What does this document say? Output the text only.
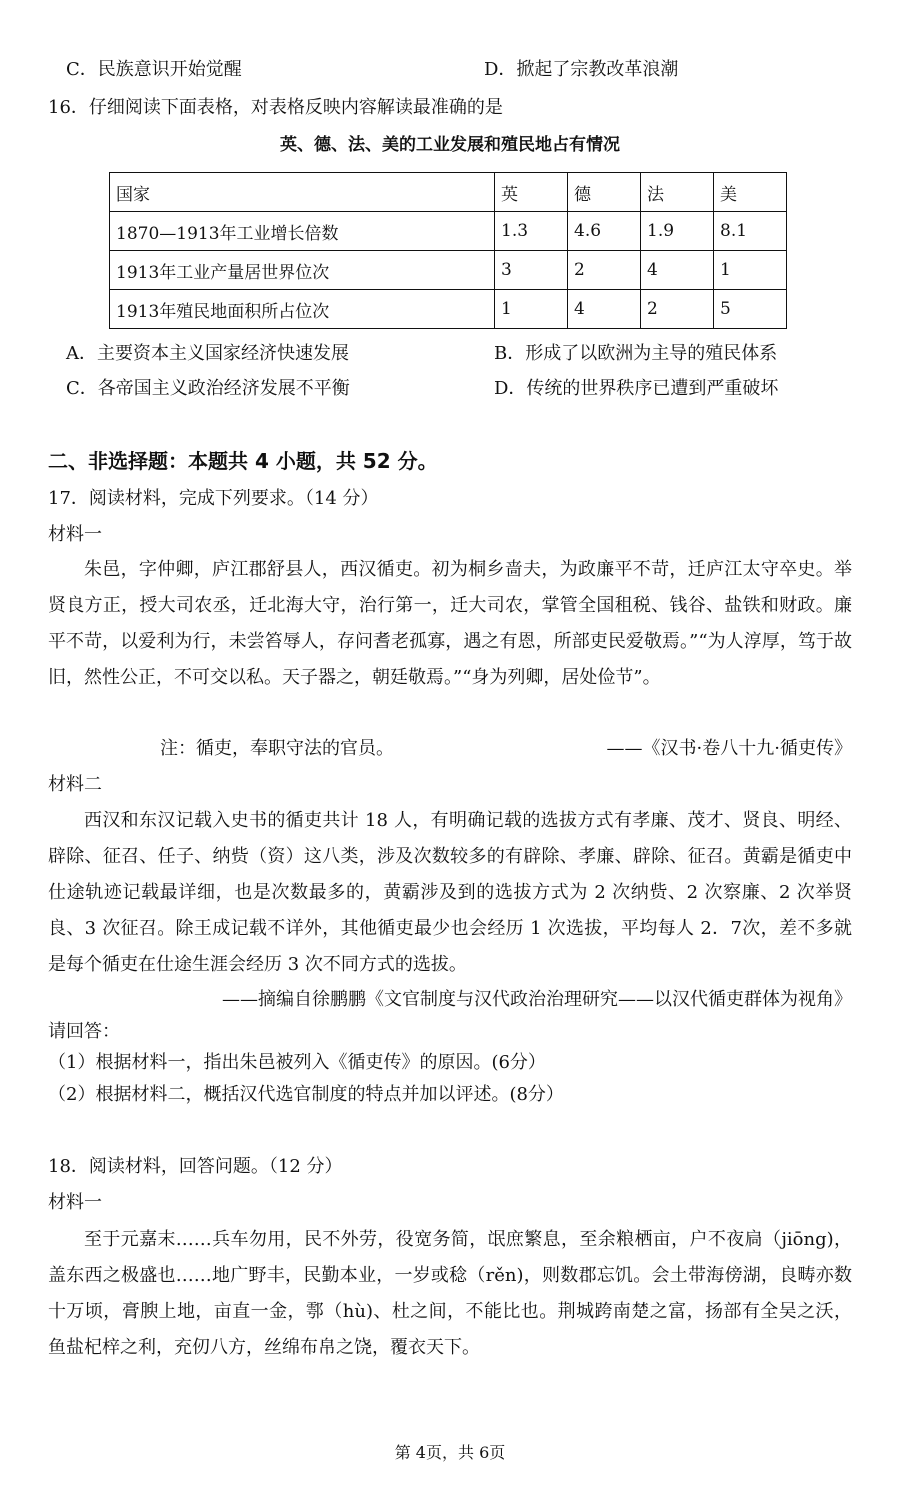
C．民族意识开始觉醒	D．掀起了宗教改革浪潮
16．仔细阅读下面表格，对表格反映内容解读最准确的是
英、德、法、美的工业发展和殖民地占有情况
国家	英	德	法	美
1870—1913年工业增长倍数	1.3	4.6	1.9	8.1
1913年工业产量居世界位次	3	2	4	1
1913年殖民地面积所占位次	1	4	2	5
A．主要资本主义国家经济快速发展	B．形成了以欧洲为主导的殖民体系
C．各帝国主义政治经济发展不平衡	D．传统的世界秩序已遭到严重破坏
二、非选择题：本题共 4 小题，共 52 分。
17．阅读材料，完成下列要求。（14 分）
材料一
朱邑，字仲卿，庐江郡舒县人，西汉循吏。初为桐乡啬夫，为政廉平不苛，迁庐江太守卒史。举贤良方正，授大司农丞，迁北海大守，治行第一，迁大司农，掌管全国租税、钱谷、盐铁和财政。廉平不苛，以爱利为行，未尝笞辱人，存问耆老孤寡，遇之有恩，所部吏民爱敬焉。”“为人淳厚，笃于故旧，然性公正，不可交以私。天子器之，朝廷敬焉。”“身为列卿，居处俭节”。
注：循吏，奉职守法的官员。	——《汉书·卷八十九·循吏传》
材料二
西汉和东汉记载入史书的循吏共计 18 人，有明确记载的选拔方式有孝廉、茂才、贤良、明经、辟除、征召、任子、纳赀（资）这八类，涉及次数较多的有辟除、孝廉、辟除、征召。黄霸是循吏中仕途轨迹记载最详细，也是次数最多的，黄霸涉及到的选拔方式为 2 次纳赀、2 次察廉、2 次举贤良、3 次征召。除王成记载不详外，其他循吏最少也会经历 1 次选拔，平均每人 2．7次，差不多就是每个循吏在仕途生涯会经历 3 次不同方式的选拔。
——摘编自徐鹏鹏《文官制度与汉代政治治理研究——以汉代循吏群体为视角》
请回答：
（1）根据材料一，指出朱邑被列入《循吏传》的原因。(6分）
（2）根据材料二，概括汉代选官制度的特点并加以评述。(8分）
18．阅读材料，回答问题。（12 分）
材料一
至于元嘉末……兵车勿用，民不外劳，役宽务简，氓庶繁息，至余粮栖亩，户不夜扃（jiōng)，盖东西之极盛也……地广野丰，民勤本业，一岁或稔（rěn)，则数郡忘饥。会土带海傍湖，良畴亦数十万顷，膏腴上地，亩直一金，鄠（hù)、杜之间，不能比也。荆城跨南楚之富，扬部有全吴之沃，鱼盐杞梓之利，充仞八方，丝绵布帛之饶，覆衣天下。
第 4页，共 6页
